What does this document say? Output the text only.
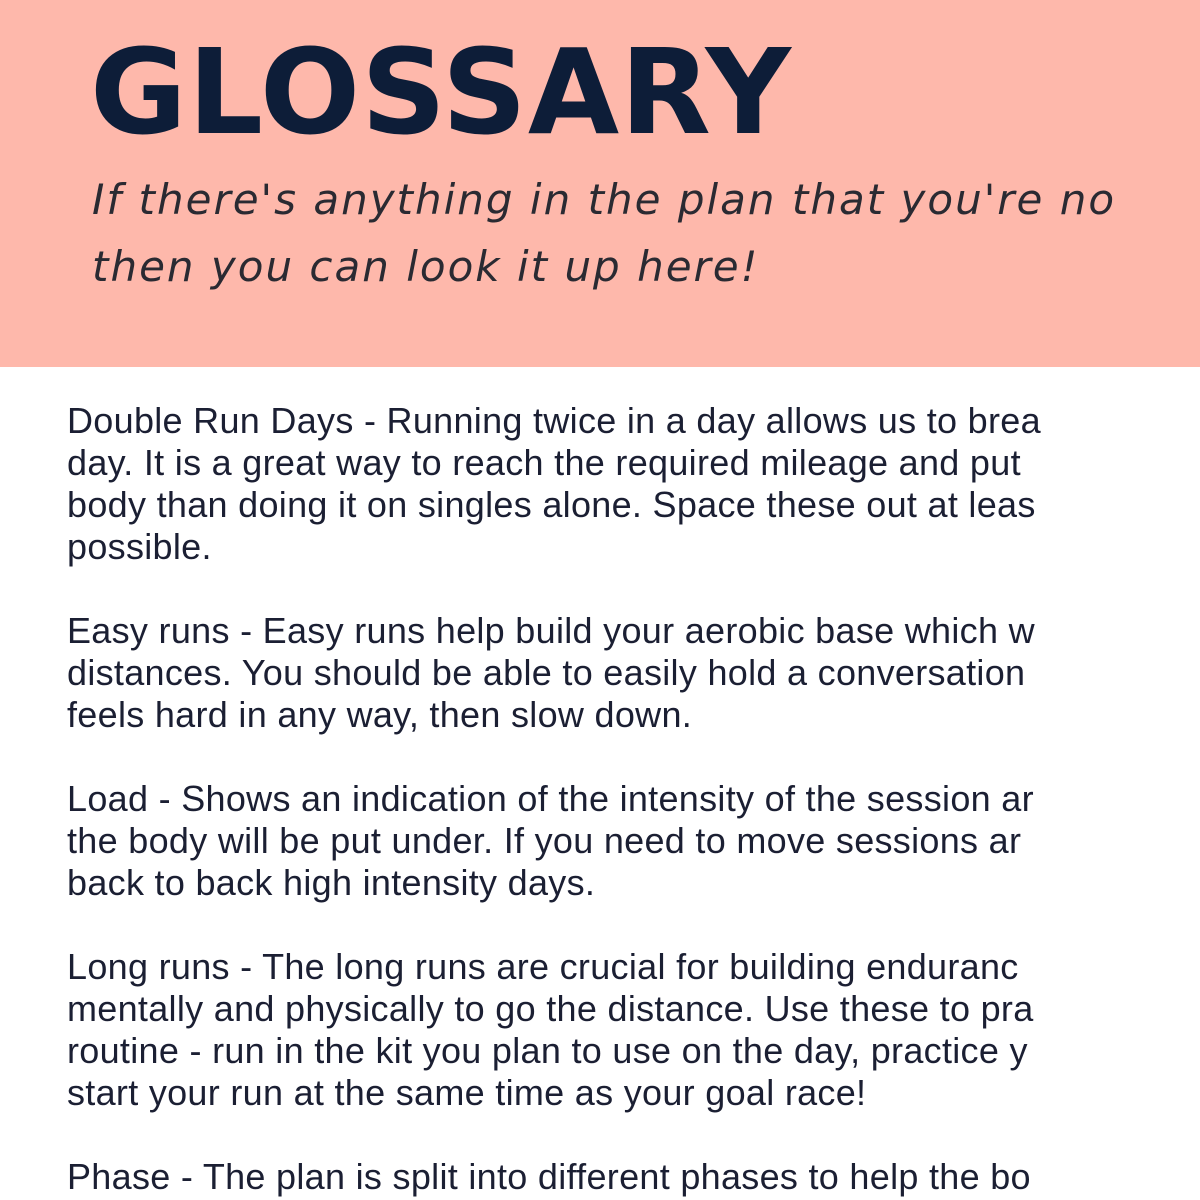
GLOSSARY

If there's anything in the plan that you're no

then you can look it up here!

Double Run Days - Running twice in a day allows us to brea
day. It is a great way to reach the required mileage and put
body than doing it on singles alone. Space these out at leas
possible.
Easy runs - Easy runs help build your aerobic base which w
distances. You should be able to easily hold a conversation
feels hard in any way, then slow down.
Load - Shows an indication of the intensity of the session ar
the body will be put under. If you need to move sessions ar
back to back high intensity days.
Long runs - The long runs are crucial for building enduranc
mentally and physically to go the distance. Use these to pra
routine - run in the kit you plan to use on the day, practice y
start your run at the same time as your goal race!
Phase - The plan is split into different phases to help the bo
